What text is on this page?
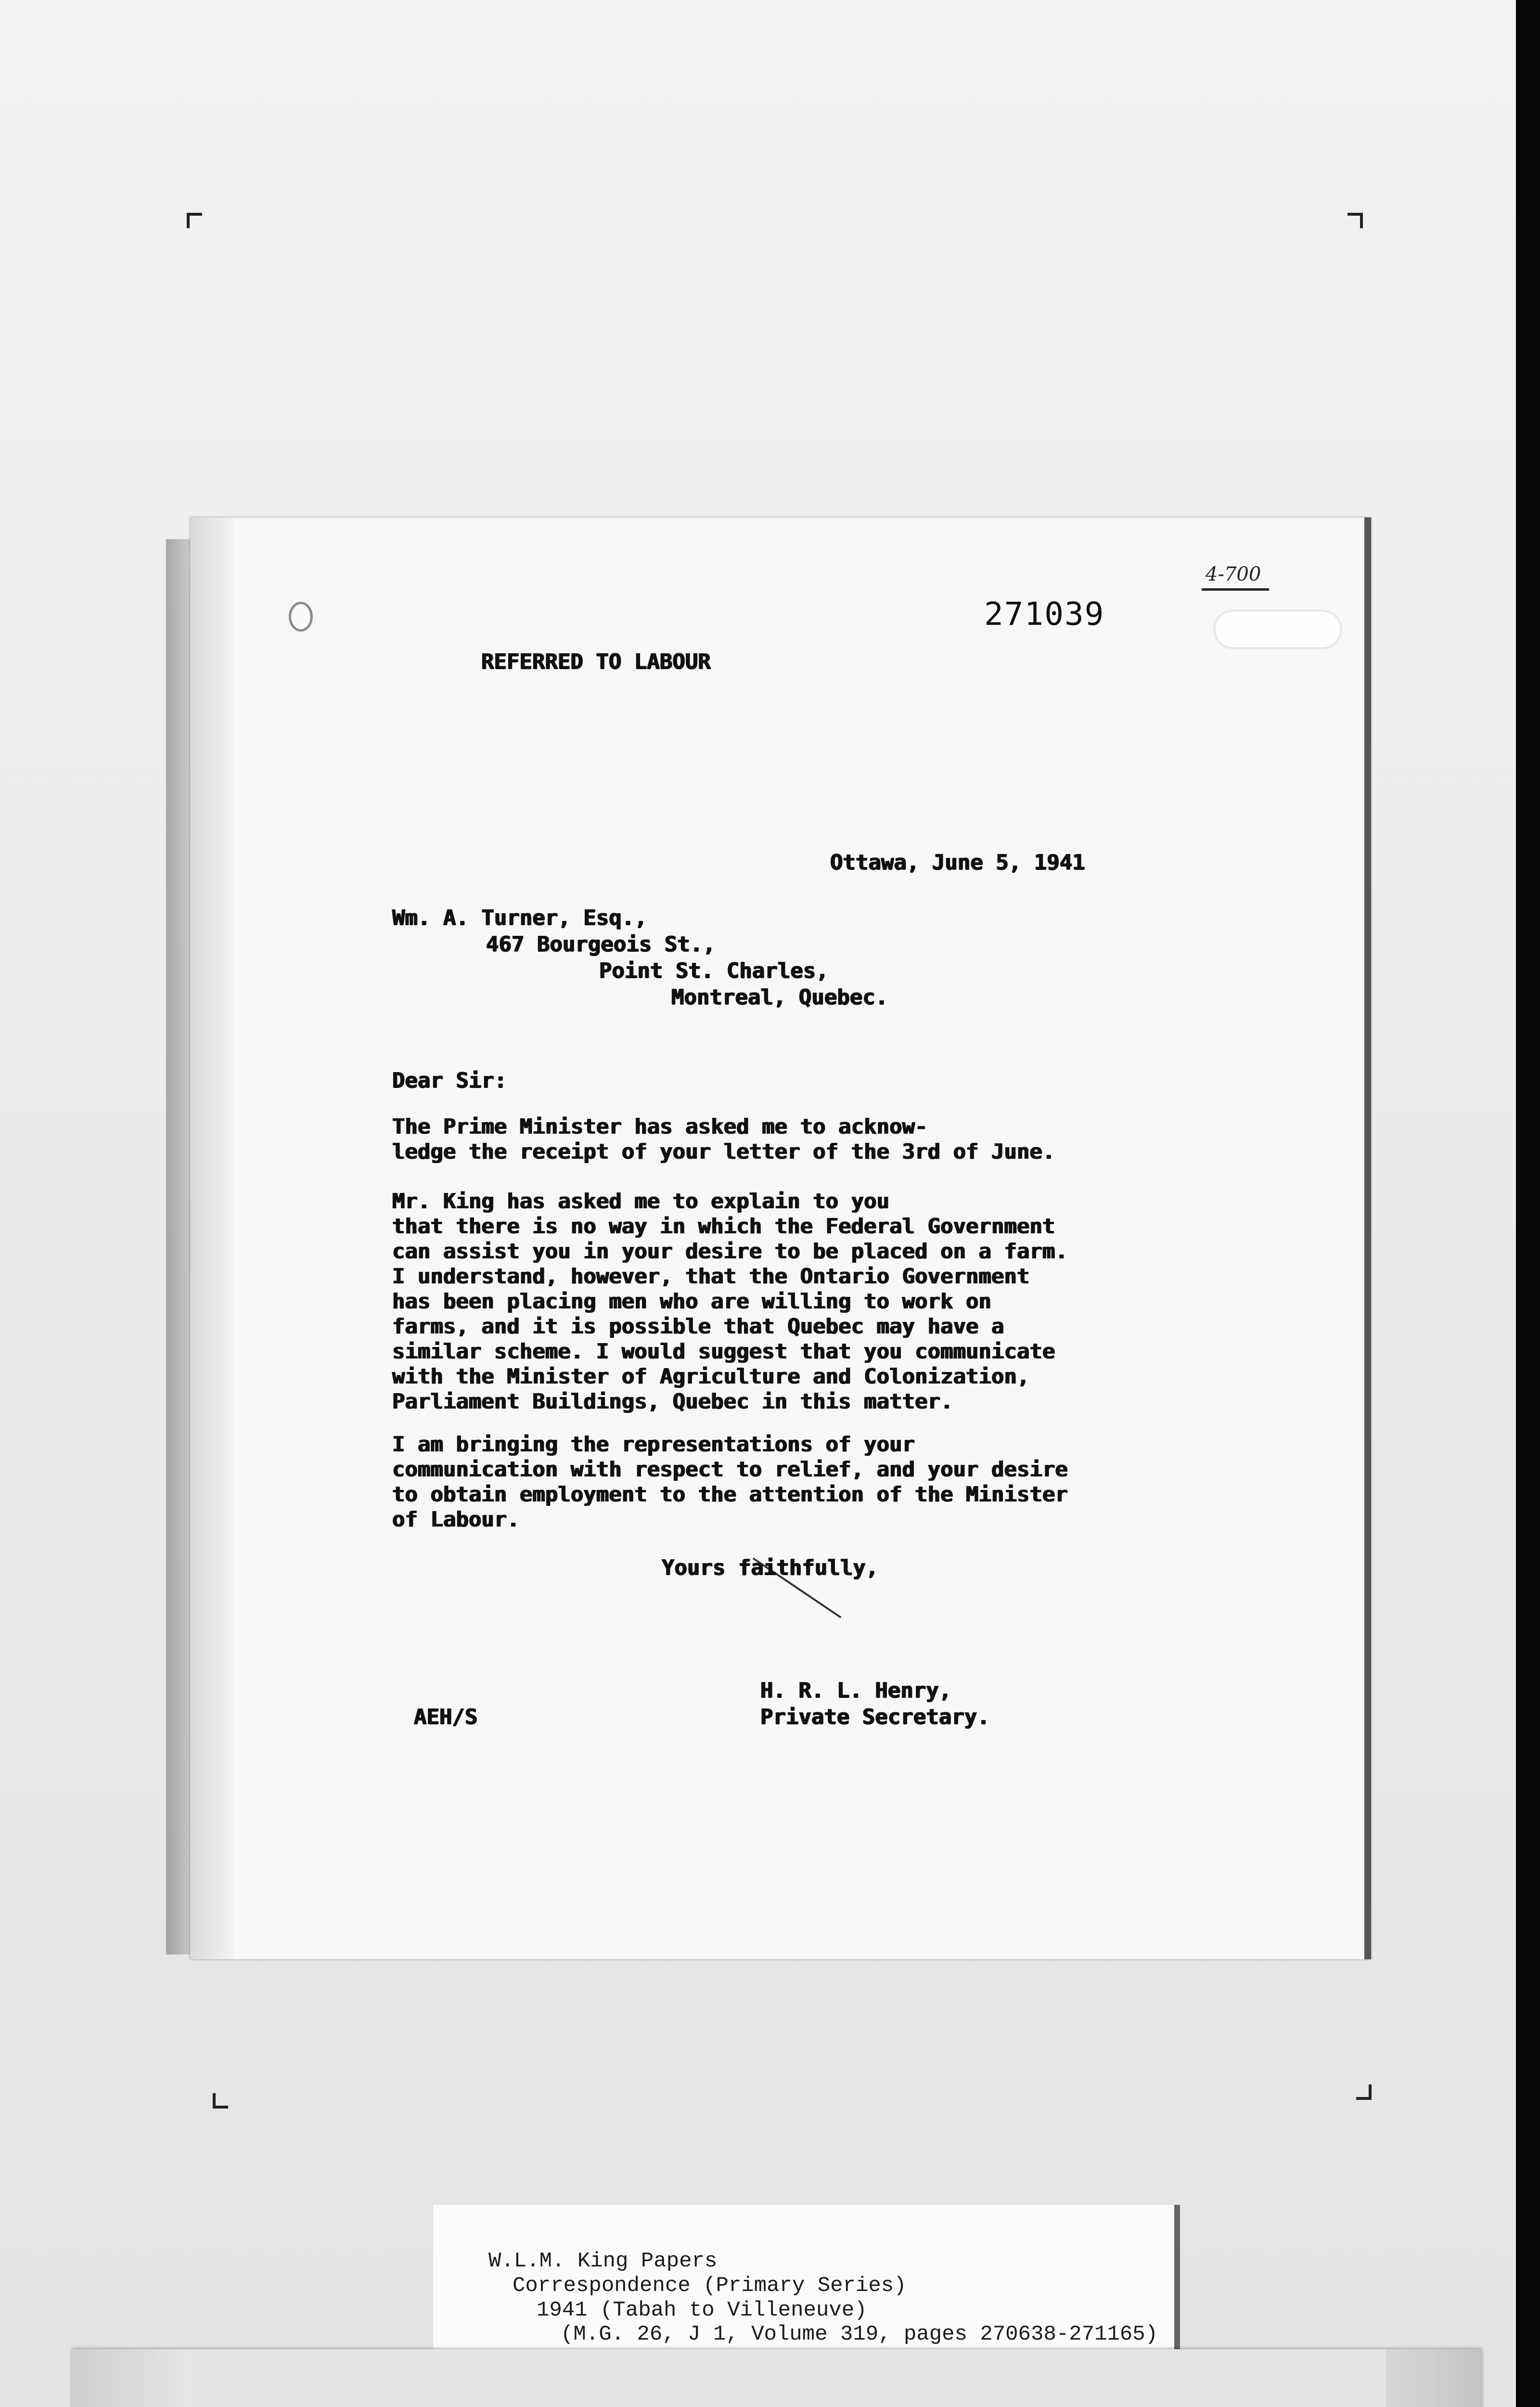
271039
4-700
REFERRED TO LABOUR
Ottawa, June 5, 1941
Wm. A. Turner, Esq.,
467 Bourgeois St.,
Point St. Charles,
Montreal, Quebec.
Dear Sir:
The Prime Minister has asked me to acknow-
ledge the receipt of your letter of the 3rd of June.
Mr. King has asked me to explain to you
that there is no way in which the Federal Government
can assist you in your desire to be placed on a farm.
I understand, however, that the Ontario Government
has been placing men who are willing to work on
farms, and it is possible that Quebec may have a
similar scheme. I would suggest that you communicate
with the Minister of Agriculture and Colonization,
Parliament Buildings, Quebec in this matter.
I am bringing the representations of your
communication with respect to relief, and your desire
to obtain employment to the attention of the Minister
of Labour.
Yours faithfully,
H. R. L. Henry,
Private Secretary.
AEH/S
W.L.M. King Papers
Correspondence (Primary Series)
1941 (Tabah to Villeneuve)
(M.G. 26, J 1, Volume 319, pages 270638-271165)
